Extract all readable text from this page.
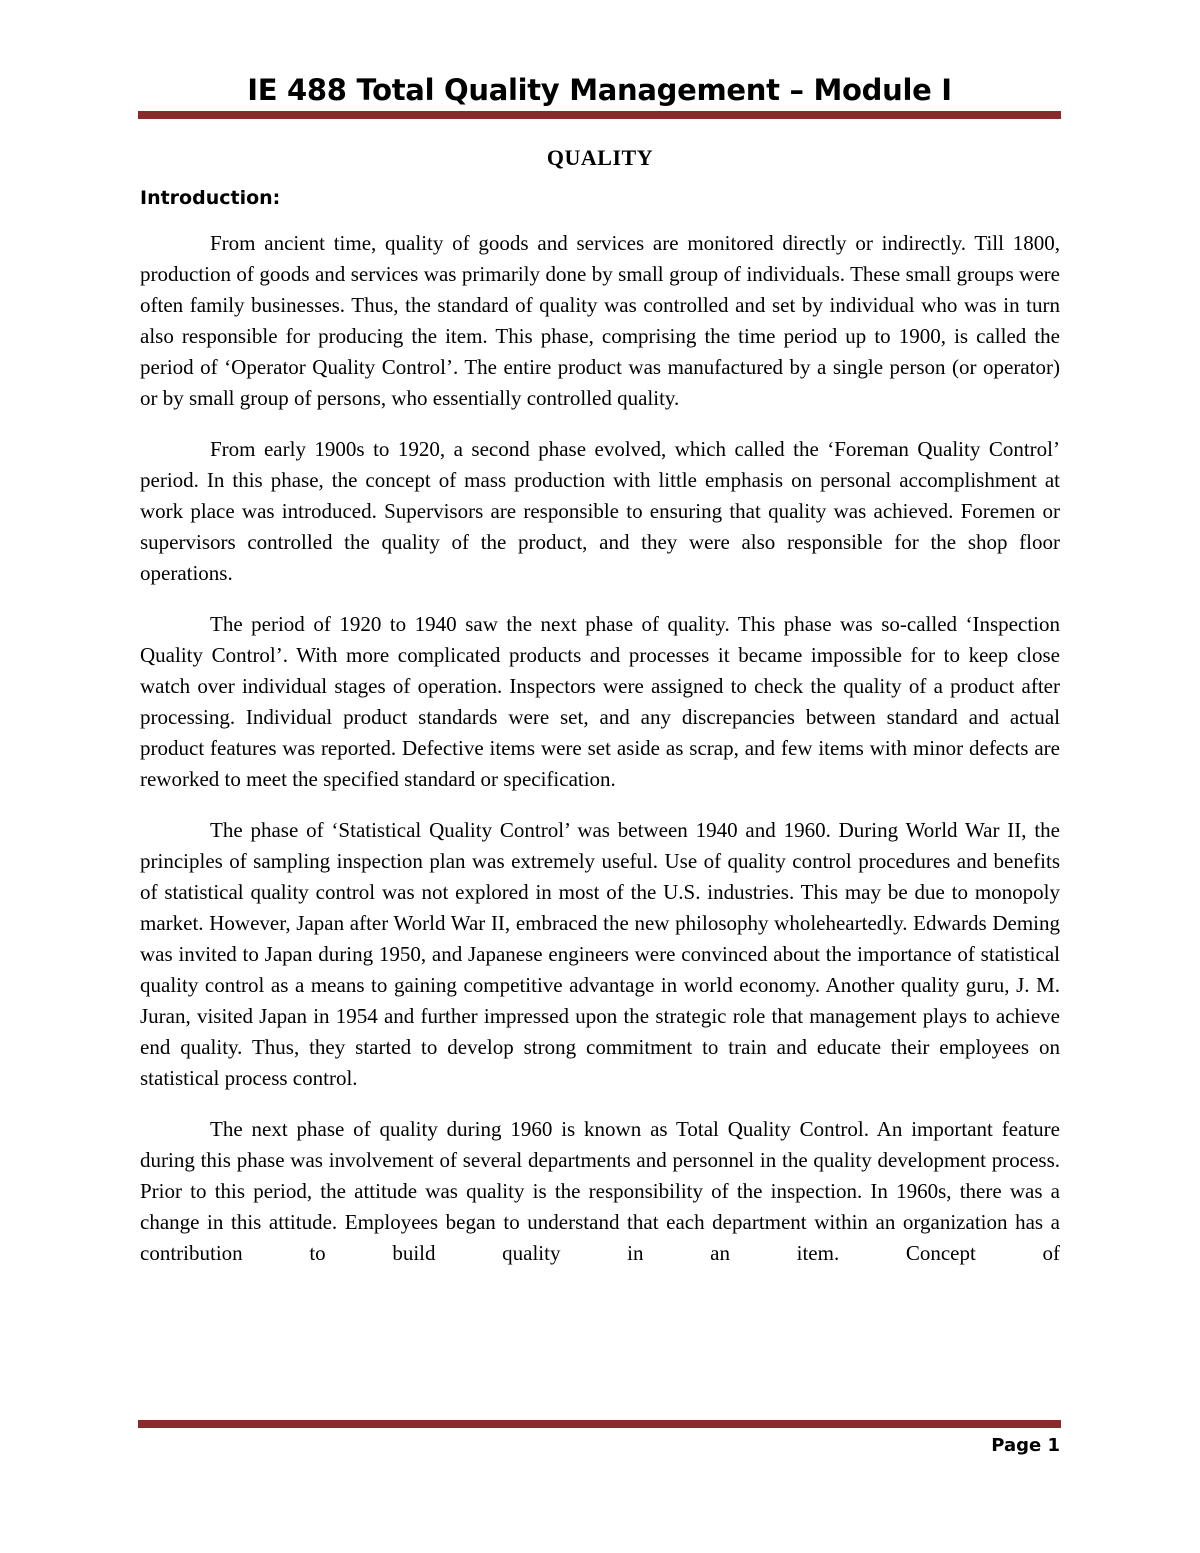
IE 488 Total Quality Management – Module I
QUALITY
Introduction:

From ancient time, quality of goods and services are monitored directly or indirectly. Till 1800, production of goods and services was primarily done by small group of individuals. These small groups were often family businesses. Thus, the standard of quality was controlled and set by individual who was in turn also responsible for producing the item. This phase, comprising the time period up to 1900, is called the period of ‘Operator Quality Control’. The entire product was manufactured by a single person (or operator) or by small group of persons, who essentially controlled quality.

From early 1900s to 1920, a second phase evolved, which called the ‘Foreman Quality Control’ period. In this phase, the concept of mass production with little emphasis on personal accomplishment at work place was introduced. Supervisors are responsible to ensuring that quality was achieved. Foremen or supervisors controlled the quality of the product, and they were also responsible for the shop floor operations.

The period of 1920 to 1940 saw the next phase of quality. This phase was so-called ‘Inspection Quality Control’. With more complicated products and processes it became impossible for to keep close watch over individual stages of operation. Inspectors were assigned to check the quality of a product after processing. Individual product standards were set, and any discrepancies between standard and actual product features was reported. Defective items were set aside as scrap, and few items with minor defects are reworked to meet the specified standard or specification.

The phase of ‘Statistical Quality Control’ was between 1940 and 1960. During World War II, the principles of sampling inspection plan was extremely useful. Use of quality control procedures and benefits of statistical quality control was not explored in most of the U.S. industries. This may be due to monopoly market. However, Japan after World War II, embraced the new philosophy wholeheartedly. Edwards Deming was invited to Japan during 1950, and Japanese engineers were convinced about the importance of statistical quality control as a means to gaining competitive advantage in world economy. Another quality guru, J. M. Juran, visited Japan in 1954 and further impressed upon the strategic role that management plays to achieve end quality. Thus, they started to develop strong commitment to train and educate their employees on statistical process control.

The next phase of quality during 1960 is known as Total Quality Control. An important feature during this phase was involvement of several departments and personnel in the quality development process. Prior to this period, the attitude was quality is the responsibility of the inspection. In 1960s, there was a change in this attitude. Employees began to understand that each department within an organization has a contribution to build quality in an item. Concept of

Page 1
